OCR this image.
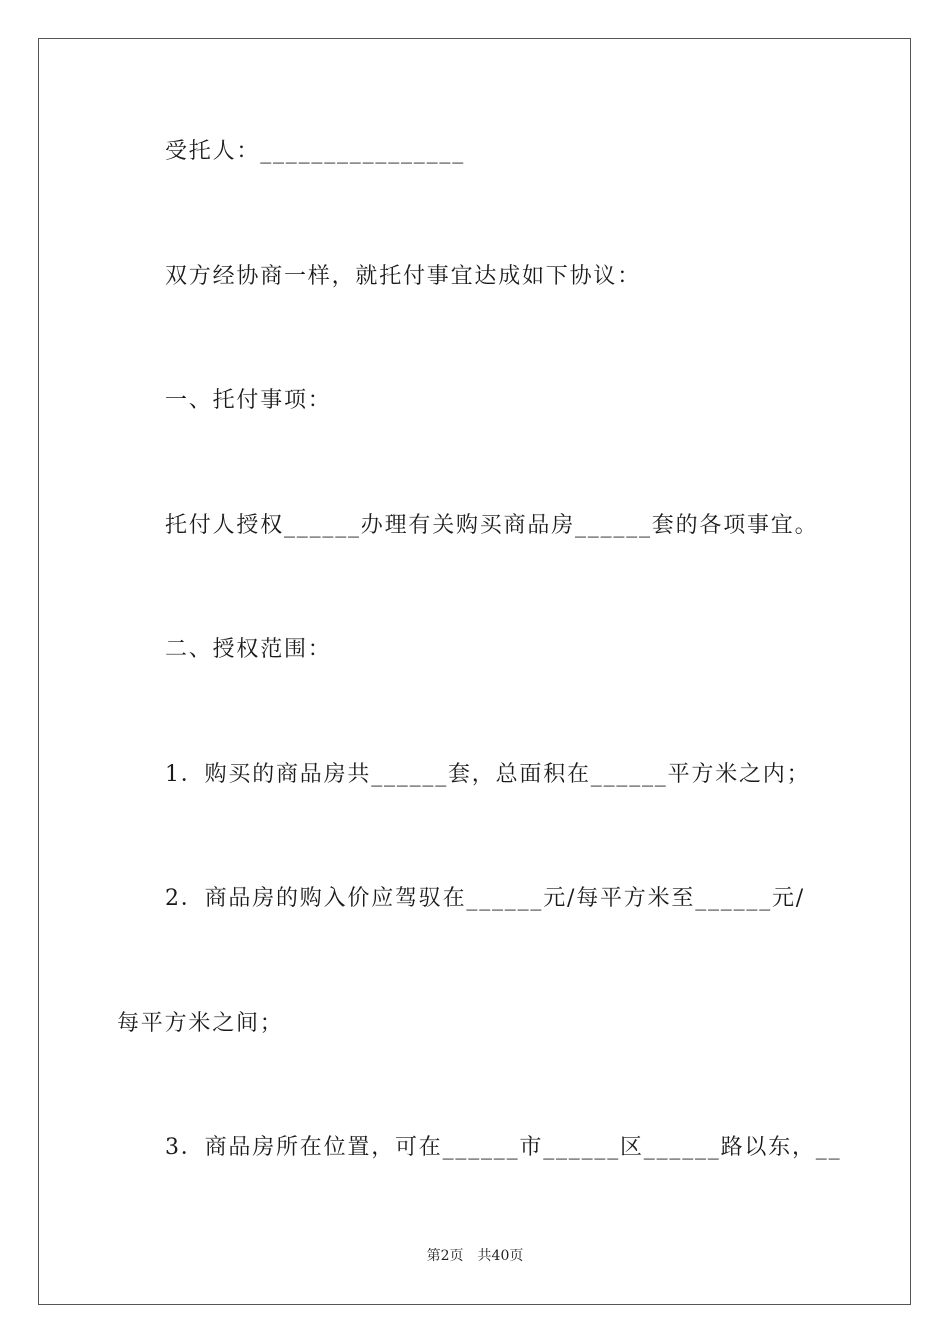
受托人：________________
双方经协商一样，就托付事宜达成如下协议：
一、托付事项：
托付人授权______办理有关购买商品房______套的各项事宜。
二、授权范围：
1．购买的商品房共______套，总面积在______平方米之内；
2．商品房的购入价应驾驭在______元/每平方米至______元/
每平方米之间；
3．商品房所在位置，可在______市______区______路以东，__
第2页 共40页
